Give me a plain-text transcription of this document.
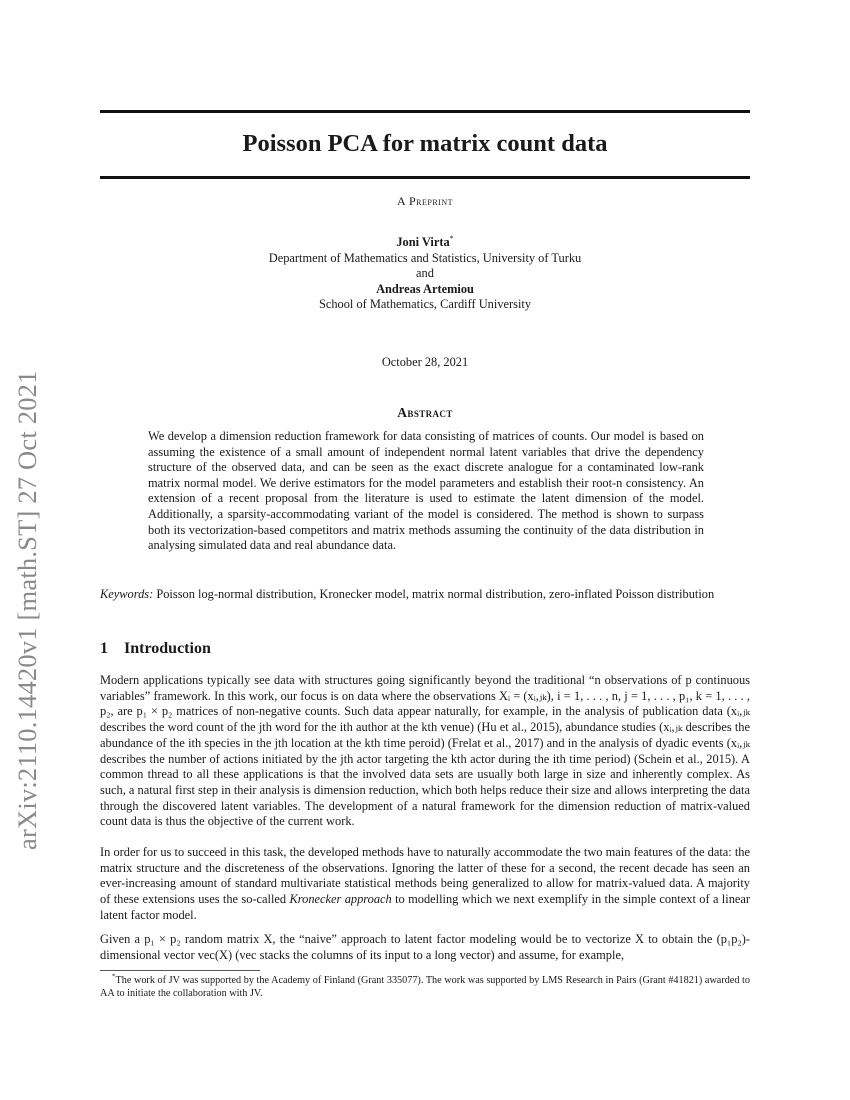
arXiv:2110.14420v1 [math.ST] 27 Oct 2021
Poisson PCA for matrix count data
A Preprint
Joni Virta*
Department of Mathematics and Statistics, University of Turku
and
Andreas Artemiou
School of Mathematics, Cardiff University
October 28, 2021
Abstract
We develop a dimension reduction framework for data consisting of matrices of counts. Our model is based on assuming the existence of a small amount of independent normal latent variables that drive the dependency structure of the observed data, and can be seen as the exact discrete analogue for a contaminated low-rank matrix normal model. We derive estimators for the model parameters and establish their root-n consistency. An extension of a recent proposal from the literature is used to estimate the latent dimension of the model. Additionally, a sparsity-accommodating variant of the model is considered. The method is shown to surpass both its vectorization-based competitors and matrix methods assuming the continuity of the data distribution in analysing simulated data and real abundance data.
Keywords: Poisson log-normal distribution, Kronecker model, matrix normal distribution, zero-inflated Poisson distribution
1 Introduction

Modern applications typically see data with structures going significantly beyond the traditional “n observations of p continuous variables” framework. In this work, our focus is on data where the observations Xᵢ = (xᵢ,ⱼₖ), i = 1, . . . , n, j = 1, . . . , p₁, k = 1, . . . , p₂, are p₁ × p₂ matrices of non-negative counts. Such data appear naturally, for example, in the analysis of publication data (xᵢ,ⱼₖ describes the word count of the jth word for the ith author at the kth venue) (Hu et al., 2015), abundance studies (xᵢ,ⱼₖ describes the abundance of the ith species in the jth location at the kth time peroid) (Frelat et al., 2017) and in the analysis of dyadic events (xᵢ,ⱼₖ describes the number of actions initiated by the jth actor targeting the kth actor during the ith time period) (Schein et al., 2015). A common thread to all these applications is that the involved data sets are usually both large in size and inherently complex. As such, a natural first step in their analysis is dimension reduction, which both helps reduce their size and allows interpreting the data through the discovered latent variables. The development of a natural framework for the dimension reduction of matrix-valued count data is thus the objective of the current work.

In order for us to succeed in this task, the developed methods have to naturally accommodate the two main features of the data: the matrix structure and the discreteness of the observations. Ignoring the latter of these for a second, the recent decade has seen an ever-increasing amount of standard multivariate statistical methods being generalized to allow for matrix-valued data. A majority of these extensions uses the so-called Kronecker approach to modelling which we next exemplify in the simple context of a linear latent factor model.

Given a p₁ × p₂ random matrix X, the “naive” approach to latent factor modeling would be to vectorize X to obtain the (p₁p₂)-dimensional vector vec(X) (vec stacks the columns of its input to a long vector) and assume, for example,

*The work of JV was supported by the Academy of Finland (Grant 335077). The work was supported by LMS Research in Pairs (Grant #41821) awarded to AA to initiate the collaboration with JV.
